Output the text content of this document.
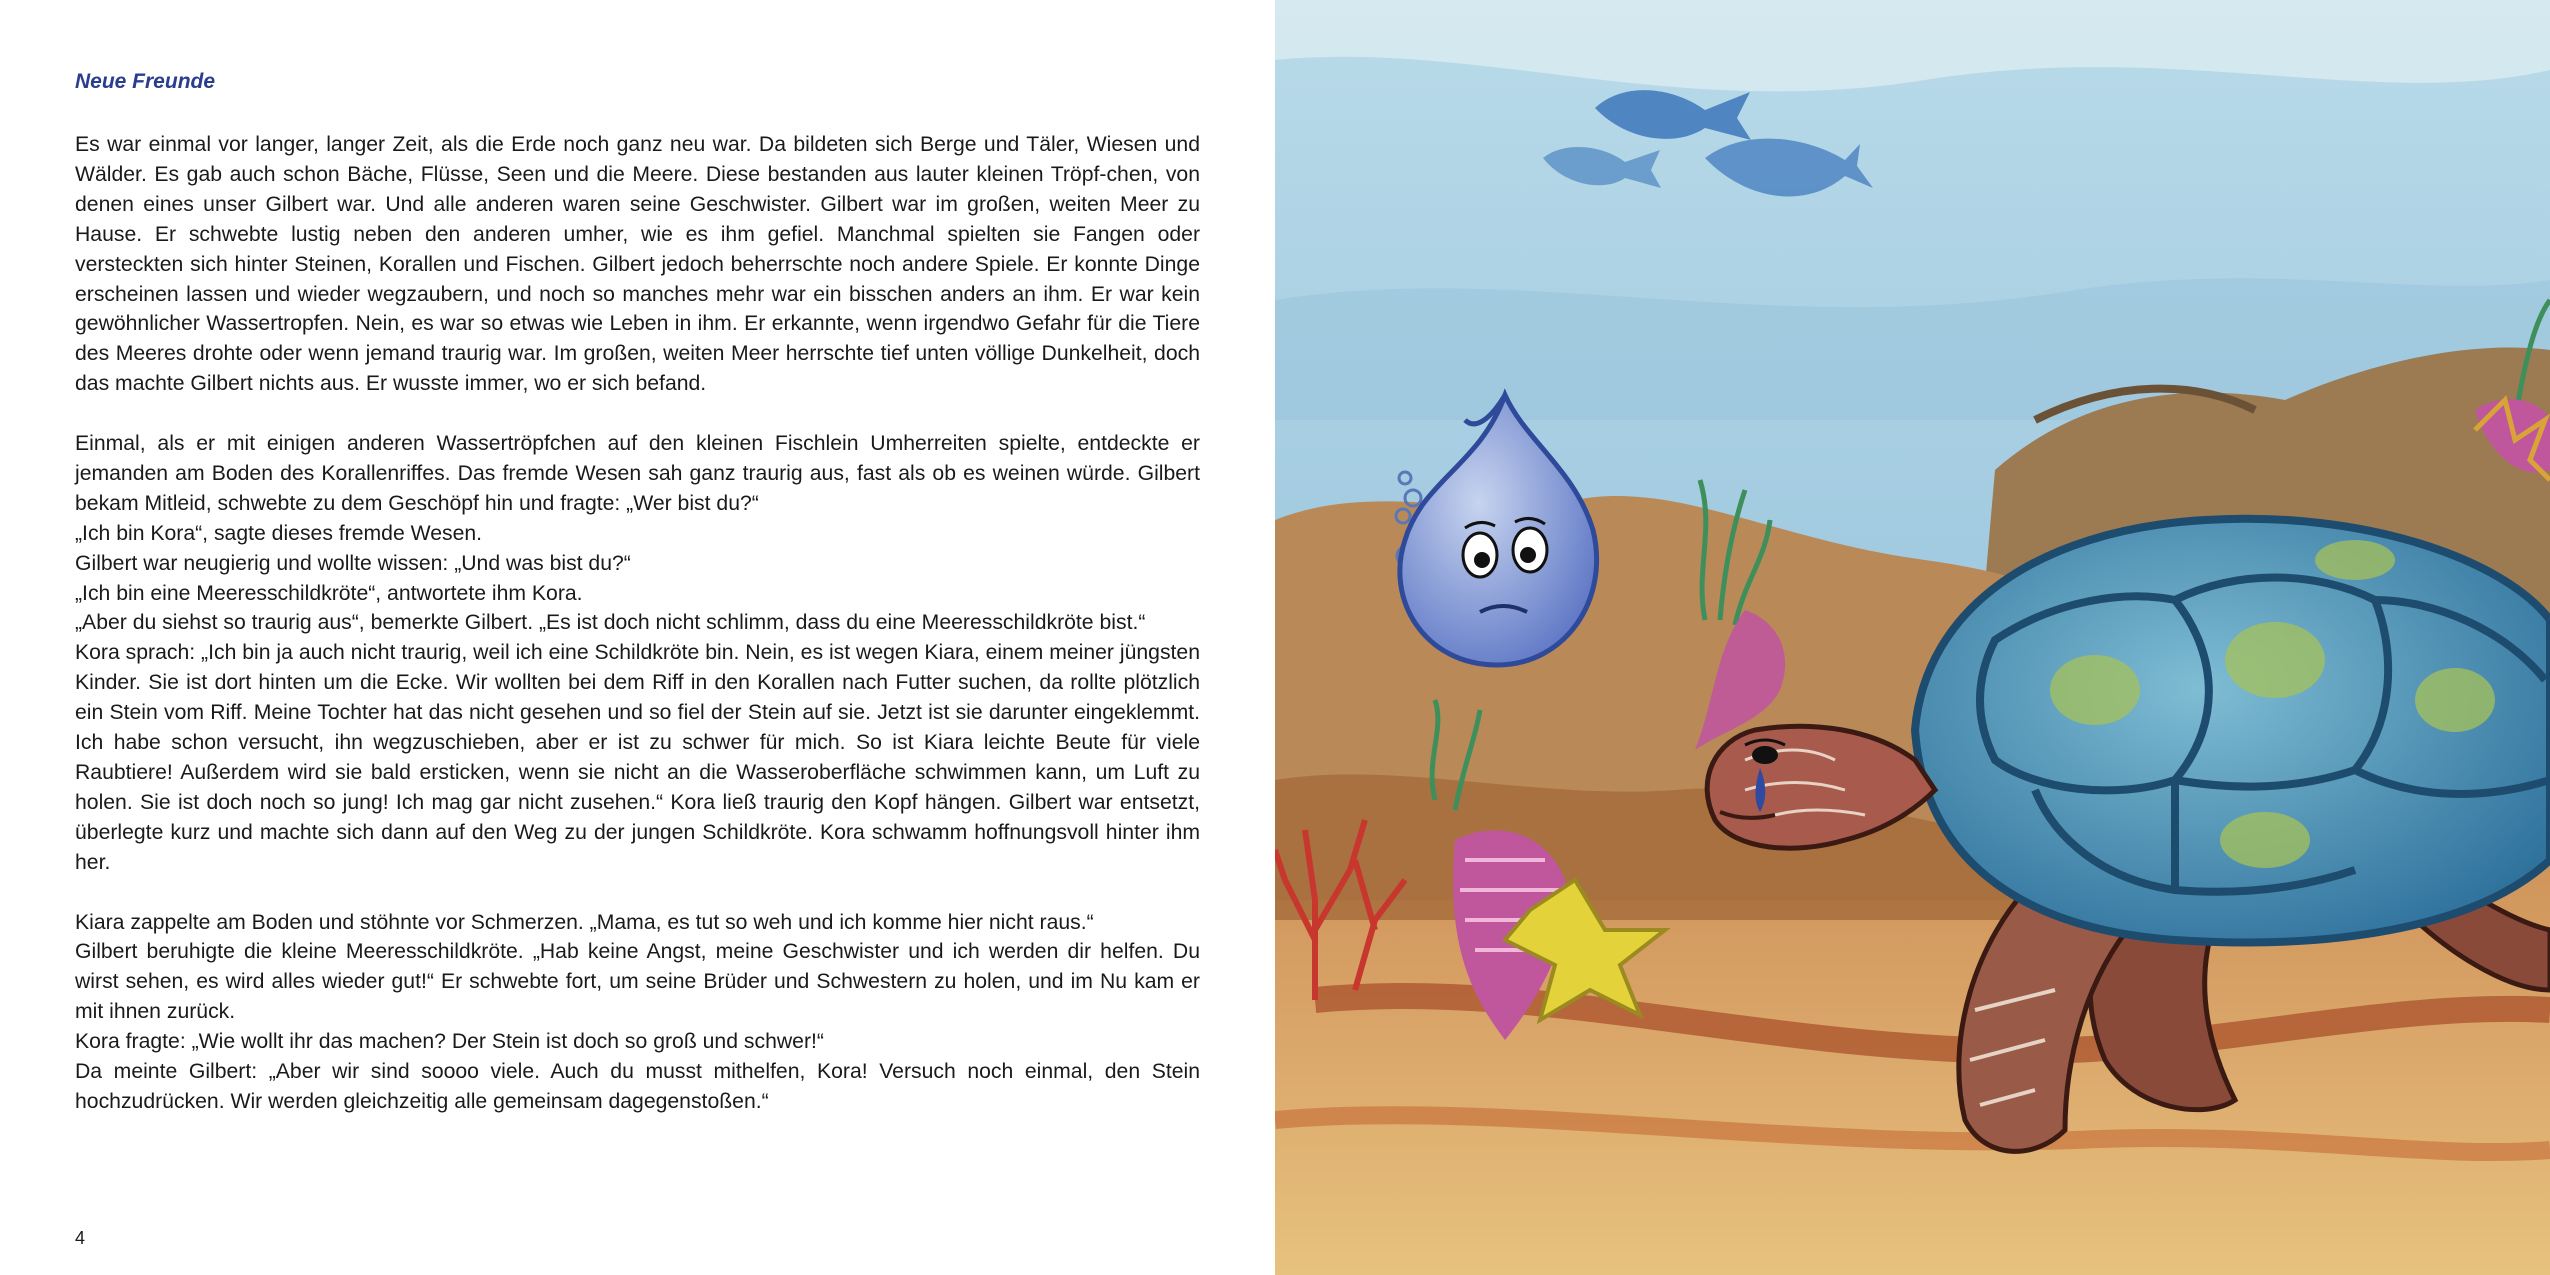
Neue Freunde

Es war einmal vor langer, langer Zeit, als die Erde noch ganz neu war. Da bildeten sich Berge und Täler, Wiesen und Wälder. Es gab auch schon Bäche, Flüsse, Seen und die Meere. Diese bestanden aus lauter kleinen Tröpf-chen, von denen eines unser Gilbert war. Und alle anderen waren seine Geschwister. Gilbert war im großen, weiten Meer zu Hause. Er schwebte lustig neben den anderen umher, wie es ihm gefiel. Manchmal spielten sie Fangen oder versteckten sich hinter Steinen, Korallen und Fischen. Gilbert jedoch beherrschte noch andere Spiele. Er konnte Dinge erscheinen lassen und wieder wegzaubern, und noch so manches mehr war ein bisschen anders an ihm. Er war kein gewöhnlicher Wassertropfen. Nein, es war so etwas wie Leben in ihm. Er erkannte, wenn irgendwo Gefahr für die Tiere des Meeres drohte oder wenn jemand traurig war. Im großen, weiten Meer herrschte tief unten völlige Dunkelheit, doch das machte Gilbert nichts aus. Er wusste immer, wo er sich befand.

Einmal, als er mit einigen anderen Wassertröpfchen auf den kleinen Fischlein Umherreiten spielte, entdeckte er jemanden am Boden des Korallenriffes. Das fremde Wesen sah ganz traurig aus, fast als ob es weinen würde. Gilbert bekam Mitleid, schwebte zu dem Geschöpf hin und fragte: „Wer bist du?“

„Ich bin Kora“, sagte dieses fremde Wesen.

Gilbert war neugierig und wollte wissen: „Und was bist du?“

„Ich bin eine Meeresschildkröte“, antwortete ihm Kora.

„Aber du siehst so traurig aus“, bemerkte Gilbert. „Es ist doch nicht schlimm, dass du eine Meeresschildkröte bist.“

Kora sprach: „Ich bin ja auch nicht traurig, weil ich eine Schildkröte bin. Nein, es ist wegen Kiara, einem meiner jüngsten Kinder. Sie ist dort hinten um die Ecke. Wir wollten bei dem Riff in den Korallen nach Futter suchen, da rollte plötzlich ein Stein vom Riff. Meine Tochter hat das nicht gesehen und so fiel der Stein auf sie. Jetzt ist sie darunter eingeklemmt. Ich habe schon versucht, ihn wegzuschieben, aber er ist zu schwer für mich. So ist Kiara leichte Beute für viele Raubtiere! Außerdem wird sie bald ersticken, wenn sie nicht an die Wasseroberfläche schwimmen kann, um Luft zu holen. Sie ist doch noch so jung! Ich mag gar nicht zusehen.“ Kora ließ traurig den Kopf hängen. Gilbert war entsetzt, überlegte kurz und machte sich dann auf den Weg zu der jungen Schildkröte. Kora schwamm hoffnungsvoll hinter ihm her.

Kiara zappelte am Boden und stöhnte vor Schmerzen. „Mama, es tut so weh und ich komme hier nicht raus.“

Gilbert beruhigte die kleine Meeresschildkröte. „Hab keine Angst, meine Geschwister und ich werden dir helfen. Du wirst sehen, es wird alles wieder gut!“ Er schwebte fort, um seine Brüder und Schwestern zu holen, und im Nu kam er mit ihnen zurück.

Kora fragte: „Wie wollt ihr das machen? Der Stein ist doch so groß und schwer!“

Da meinte Gilbert: „Aber wir sind soooo viele. Auch du musst mithelfen, Kora! Versuch noch einmal, den Stein hochzudrücken. Wir werden gleichzeitig alle gemeinsam dagegenstoßen.“

4
